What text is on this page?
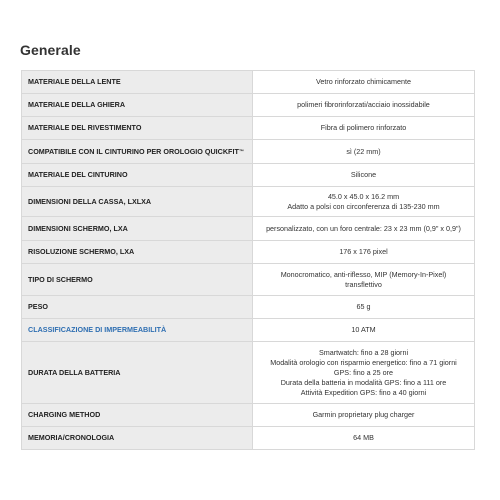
Generale
MATERIALE DELLA LENTE	Vetro rinforzato chimicamente
MATERIALE DELLA GHIERA	polimeri fibrorinforzati/acciaio inossidabile
MATERIALE DEL RIVESTIMENTO	Fibra di polimero rinforzato
COMPATIBILE CON IL CINTURINO PER OROLOGIO QUICKFIT™	sì (22 mm)
MATERIALE DEL CINTURINO	Silicone
DIMENSIONI DELLA CASSA, LXLXA	45.0 x 45.0 x 16.2 mm
Adatto a polsi con circonferenza di 135-230 mm

DIMENSIONI SCHERMO, LXA	personalizzato, con un foro centrale: 23 x 23 mm (0,9" x 0,9")
RISOLUZIONE SCHERMO, LXA	176 x 176 pixel
TIPO DI SCHERMO	Monocromatico, anti-riflesso, MIP (Memory-In-Pixel)
transflettivo

PESO	65 g
CLASSIFICAZIONE DI IMPERMEABILITÀ	10 ATM
DURATA DELLA BATTERIA	Smartwatch: fino a 28 giorni
Modalità orologio con risparmio energetico: fino a 71 giorni
GPS: fino a 25 ore
Durata della batteria in modalità GPS: fino a 111 ore
Attività Expedition GPS: fino a 40 giorni

CHARGING METHOD	Garmin proprietary plug charger
MEMORIA/CRONOLOGIA	64 MB
